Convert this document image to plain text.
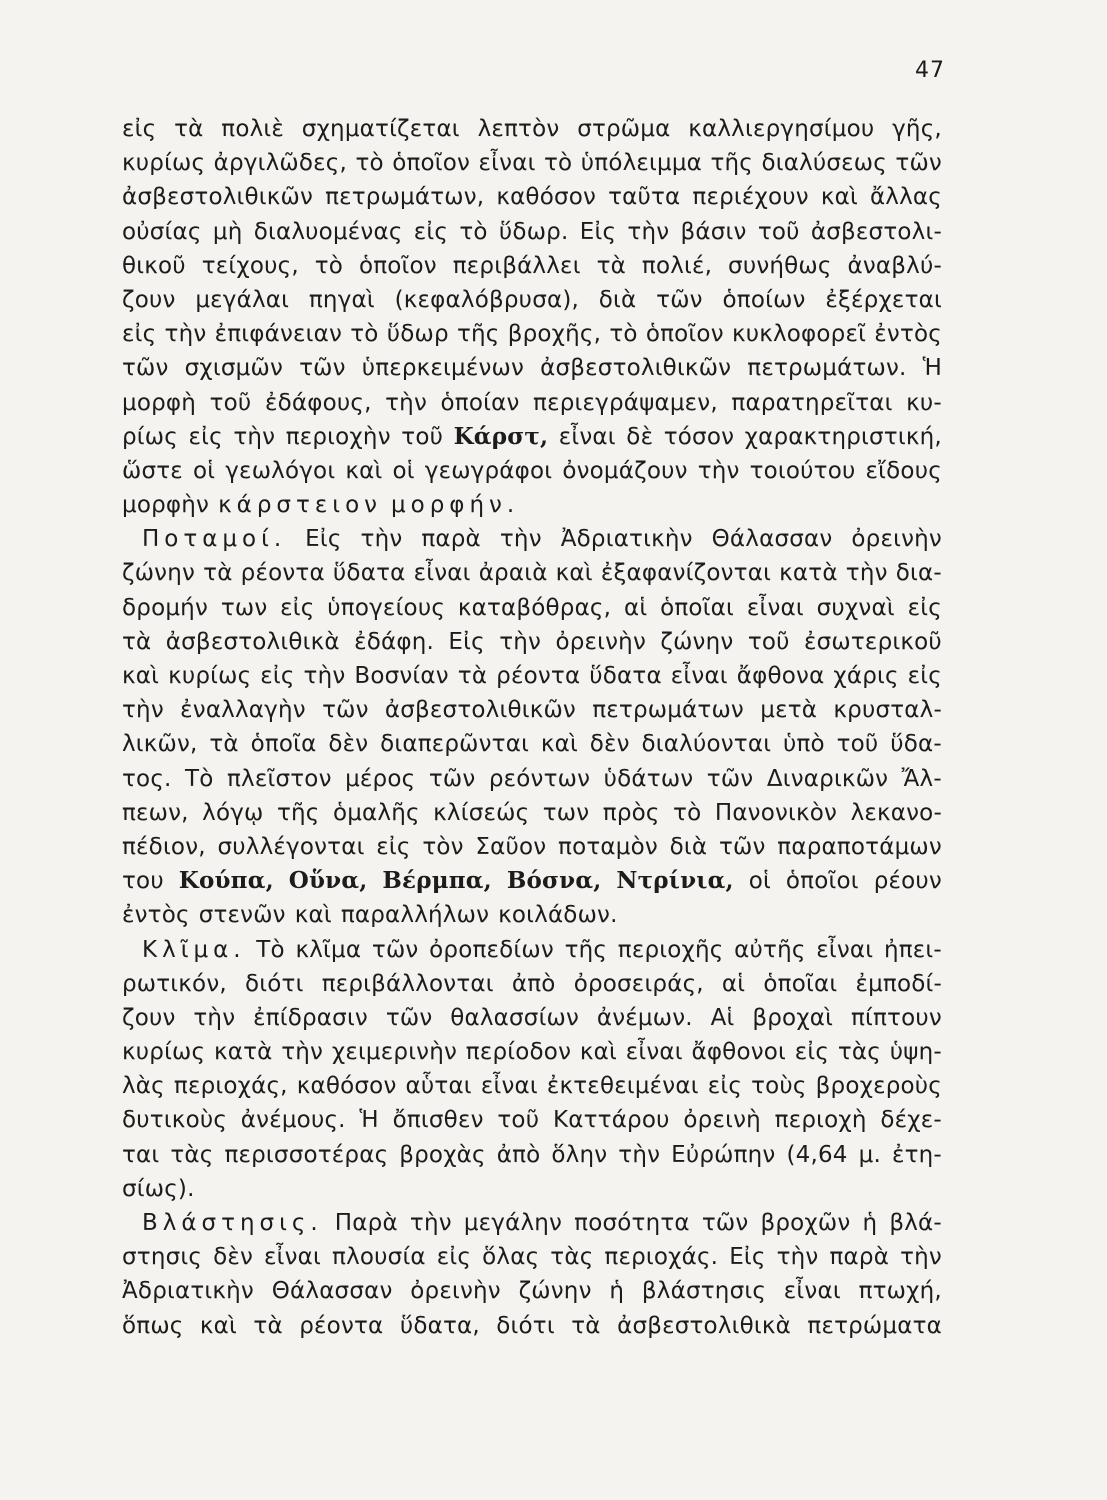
47
εἰς τὰ πολιὲ σχηματίζεται λεπτὸν στρῶμα καλλιεργησίμου γῆς,
κυρίως ἀργιλῶδες, τὸ ὁποῖον εἶναι τὸ ὑπόλειμμα τῆς διαλύσεως τῶν
ἀσβεστολιθικῶν πετρωμάτων, καθόσον ταῦτα περιέχουν καὶ ἄλλας
οὐσίας μὴ διαλυομένας εἰς τὸ ὕδωρ. Εἰς τὴν βάσιν τοῦ ἀσβεστολι-
θικοῦ τείχους, τὸ ὁποῖον περιβάλλει τὰ πολιέ, συνήθως ἀναβλύ-
ζουν μεγάλαι πηγαὶ (κεφαλόβρυσα), διὰ τῶν ὁποίων ἐξέρχεται
εἰς τὴν ἐπιφάνειαν τὸ ὕδωρ τῆς βροχῆς, τὸ ὁποῖον κυκλοφορεῖ ἐντὸς
τῶν σχισμῶν τῶν ὑπερκειμένων ἀσβεστολιθικῶν πετρωμάτων. Ἡ
μορφὴ τοῦ ἐδάφους, τὴν ὁποίαν περιεγράψαμεν, παρατηρεῖται κυ-
ρίως εἰς τὴν περιοχὴν τοῦ Κάρστ, εἶναι δὲ τόσον χαρακτηριστική,
ὥστε οἱ γεωλόγοι καὶ οἱ γεωγράφοι ὀνομάζουν τὴν τοιούτου εἴδους
μορφὴν κάρστειον μορφήν.
Ποταμοί. Εἰς τὴν παρὰ τὴν Ἀδριατικὴν Θάλασσαν ὀρεινὴν
ζώνην τὰ ρέοντα ὕδατα εἶναι ἀραιὰ καὶ ἐξαφανίζονται κατὰ τὴν δια-
δρομήν των εἰς ὑπογείους καταβόθρας, αἱ ὁποῖαι εἶναι συχναὶ εἰς
τὰ ἀσβεστολιθικὰ ἐδάφη. Εἰς τὴν ὀρεινὴν ζώνην τοῦ ἐσωτερικοῦ
καὶ κυρίως εἰς τὴν Βοσνίαν τὰ ρέοντα ὕδατα εἶναι ἄφθονα χάρις εἰς
τὴν ἐναλλαγὴν τῶν ἀσβεστολιθικῶν πετρωμάτων μετὰ κρυσταλ-
λικῶν, τὰ ὁποῖα δὲν διαπερῶνται καὶ δὲν διαλύονται ὑπὸ τοῦ ὕδα-
τος. Τὸ πλεῖστον μέρος τῶν ρεόντων ὑδάτων τῶν Διναρικῶν Ἄλ-
πεων, λόγῳ τῆς ὁμαλῆς κλίσεώς των πρὸς τὸ Πανονικὸν λεκανο-
πέδιον, συλλέγονται εἰς τὸν Σαῦον ποταμὸν διὰ τῶν παραποτάμων
του Κούπα, Οὕνα, Βέρμπα, Βόσνα, Ντρίνια, οἱ ὁποῖοι ρέουν
ἐντὸς στενῶν καὶ παραλλήλων κοιλάδων.
Κλῖμα. Τὸ κλῖμα τῶν ὀροπεδίων τῆς περιοχῆς αὐτῆς εἶναι ἠπει-
ρωτικόν, διότι περιβάλλονται ἀπὸ ὀροσειράς, αἱ ὁποῖαι ἐμποδί-
ζουν τὴν ἐπίδρασιν τῶν θαλασσίων ἀνέμων. Αἱ βροχαὶ πίπτουν
κυρίως κατὰ τὴν χειμερινὴν περίοδον καὶ εἶναι ἄφθονοι εἰς τὰς ὑψη-
λὰς περιοχάς, καθόσον αὗται εἶναι ἐκτεθειμέναι εἰς τοὺς βροχεροὺς
δυτικοὺς ἀνέμους. Ἡ ὄπισθεν τοῦ Καττάρου ὀρεινὴ περιοχὴ δέχε-
ται τὰς περισσοτέρας βροχὰς ἀπὸ ὅλην τὴν Εὐρώπην (4,64 μ. ἐτη-
σίως).
Βλάστησις. Παρὰ τὴν μεγάλην ποσότητα τῶν βροχῶν ἡ βλά-
στησις δὲν εἶναι πλουσία εἰς ὅλας τὰς περιοχάς. Εἰς τὴν παρὰ τὴν
Ἀδριατικὴν Θάλασσαν ὀρεινὴν ζώνην ἡ βλάστησις εἶναι πτωχή,
ὅπως καὶ τὰ ρέοντα ὕδατα, διότι τὰ ἀσβεστολιθικὰ πετρώματα
